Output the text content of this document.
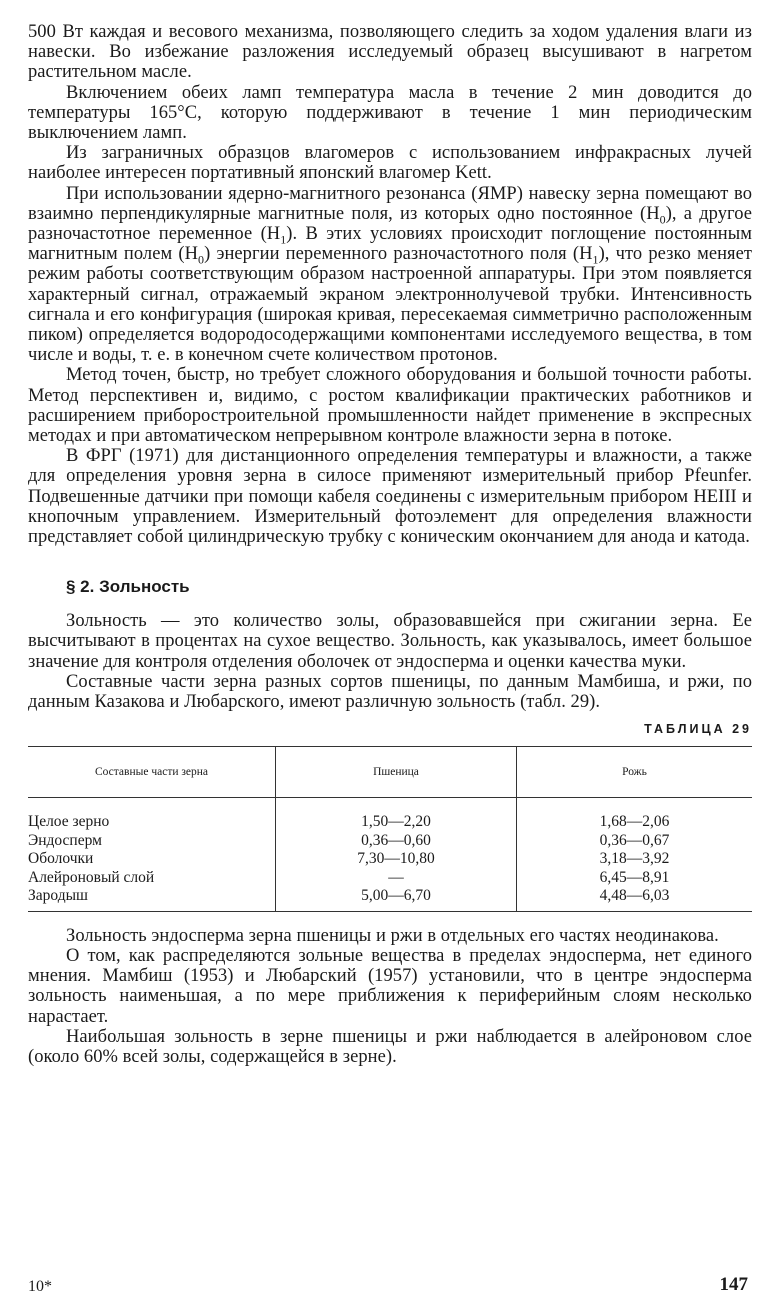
500 Вт каждая и весового механизма, позволяющего следить за ходом удаления влаги из навески. Во избежание разложения исследуемый образец высушивают в нагретом растительном масле.

Включением обеих ламп температура масла в течение 2 мин доводится до температуры 165°C, которую поддерживают в течение 1 мин периодическим выключением ламп.

Из заграничных образцов влагомеров с использованием инфракрасных лучей наиболее интересен портативный японский влагомер Kett.

При использовании ядерно-магнитного резонанса (ЯМР) навеску зерна помещают во взаимно перпендикулярные магнитные поля, из которых одно постоянное $(H_0)$, а другое разночастотное переменное $(H_1)$. В этих условиях происходит поглощение постоянным магнитным полем $(H_0)$ энергии переменного разночастотного поля $(H_1)$, что резко меняет режим работы соответствующим образом настроенной аппаратуры. При этом появляется характерный сигнал, отражаемый экраном электроннолучевой трубки. Интенсивность сигнала и его конфигурация (широкая кривая, пересекаемая симметрично расположенным пиком) определяется водородосодержащими компонентами исследуемого вещества, в том числе и воды, т. е. в конечном счете количеством протонов.

Метод точен, быстр, но требует сложного оборудования и большой точности работы. Метод перспективен и, видимо, с ростом квалификации практических работников и расширением приборостроительной промышленности найдет применение в экспресных методах и при автоматическом непрерывном контроле влажности зерна в потоке.

В ФРГ (1971) для дистанционного определения температуры и влажности, а также для определения уровня зерна в силосе применяют измерительный прибор Pfeunfer. Подвешенные датчики при помощи кабеля соединены с измерительным прибором HEIII и кнопочным управлением. Измерительный фотоэлемент для определения влажности представляет собой цилиндрическую трубку с коническим окончанием для анода и катода.

§ 2. Зольность

Зольность — это количество золы, образовавшейся при сжигании зерна. Ее высчитывают в процентах на сухое вещество. Зольность, как указывалось, имеет большое значение для контроля отделения оболочек от эндосперма и оценки качества муки.

Составные части зерна разных сортов пшеницы, по данным Мамбиша, и ржи, по данным Казакова и Любарского, имеют различную зольность (табл. 29).

ТАБЛИЦА 29
Составные части зерна	Пшеница	Рожь
Целое зерно	1,50—2,20	1,68—2,06
Эндосперм	0,36—0,60	0,36—0,67
Оболочки	7,30—10,80	3,18—3,92
Алейроновый слой	—	6,45—8,91
Зародыш	5,00—6,70	4,48—6,03

Зольность эндосперма зерна пшеницы и ржи в отдельных его частях неодинакова.

О том, как распределяются зольные вещества в пределах эндосперма, нет единого мнения. Мамбиш (1953) и Любарский (1957) установили, что в центре эндосперма зольность наименьшая, а по мере приближения к периферийным слоям несколько нарастает.

Наибольшая зольность в зерне пшеницы и ржи наблюдается в алейроновом слое (около 60% всей золы, содержащейся в зерне).

10*	147
